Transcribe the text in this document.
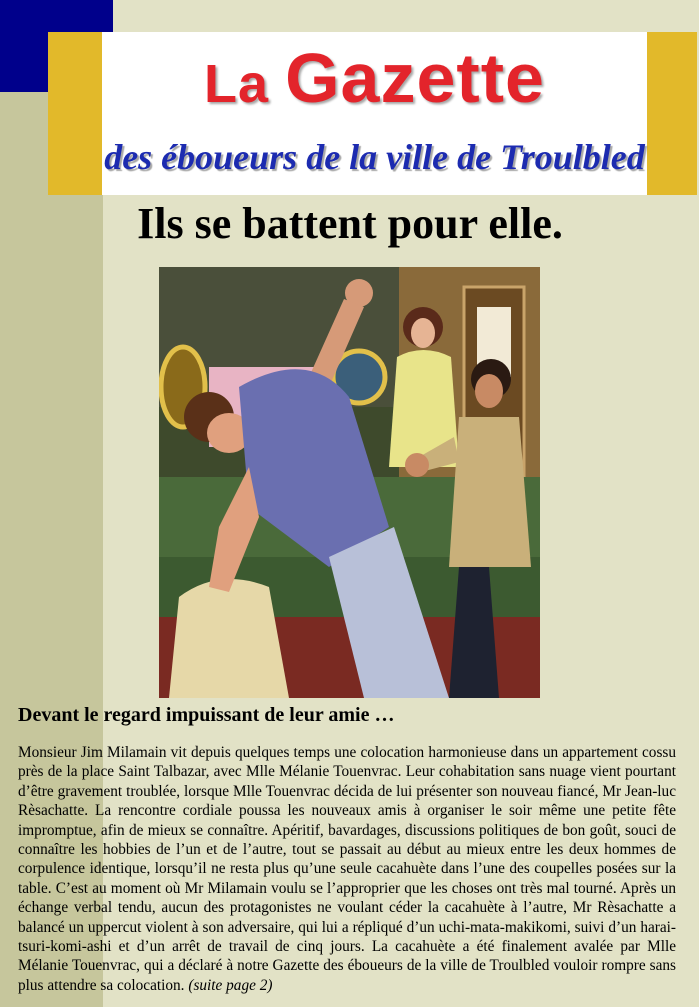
La Gazette
des éboueurs de la ville de Troulbled
Ils se battent pour elle.
Devant le regard impuissant de leur amie …

Monsieur Jim Milamain vit depuis quelques temps une colocation harmonieuse dans un appartement cossu près de la place Saint Talbazar, avec Mlle Mélanie Touenvrac. Leur cohabitation sans nuage vient pourtant d’être gravement troublée, lorsque Mlle Touenvrac décida de lui présenter son nouveau fiancé, Mr Jean-luc Rèsachatte. La rencontre cordiale poussa les nouveaux amis à organiser le soir même une petite fête impromptue, afin de mieux se connaître. Apéritif, bavardages, discussions politiques de bon goût, souci de connaître les hobbies de l’un et de l’autre, tout se passait au début au mieux entre les deux hommes de corpulence identique, lorsqu’il ne resta plus qu’une seule cacahuète dans l’une des coupelles posées sur la table. C’est au moment où Mr Milamain voulu se l’approprier que les choses ont très mal tourné. Après un échange verbal tendu, aucun des protagonistes ne voulant céder la cacahuète à l’autre, Mr Rèsachatte a balancé un uppercut violent à son adversaire, qui lui a répliqué d’un uchi-mata-makikomi, suivi d’un harai-tsuri-komi-ashi et d’un arrêt de travail de cinq jours. La cacahuète a été finalement avalée par Mlle Mélanie Touenvrac, qui a déclaré à notre Gazette des éboueurs de la ville de Troulbled vouloir rompre sans plus attendre sa colocation. (suite page 2)
